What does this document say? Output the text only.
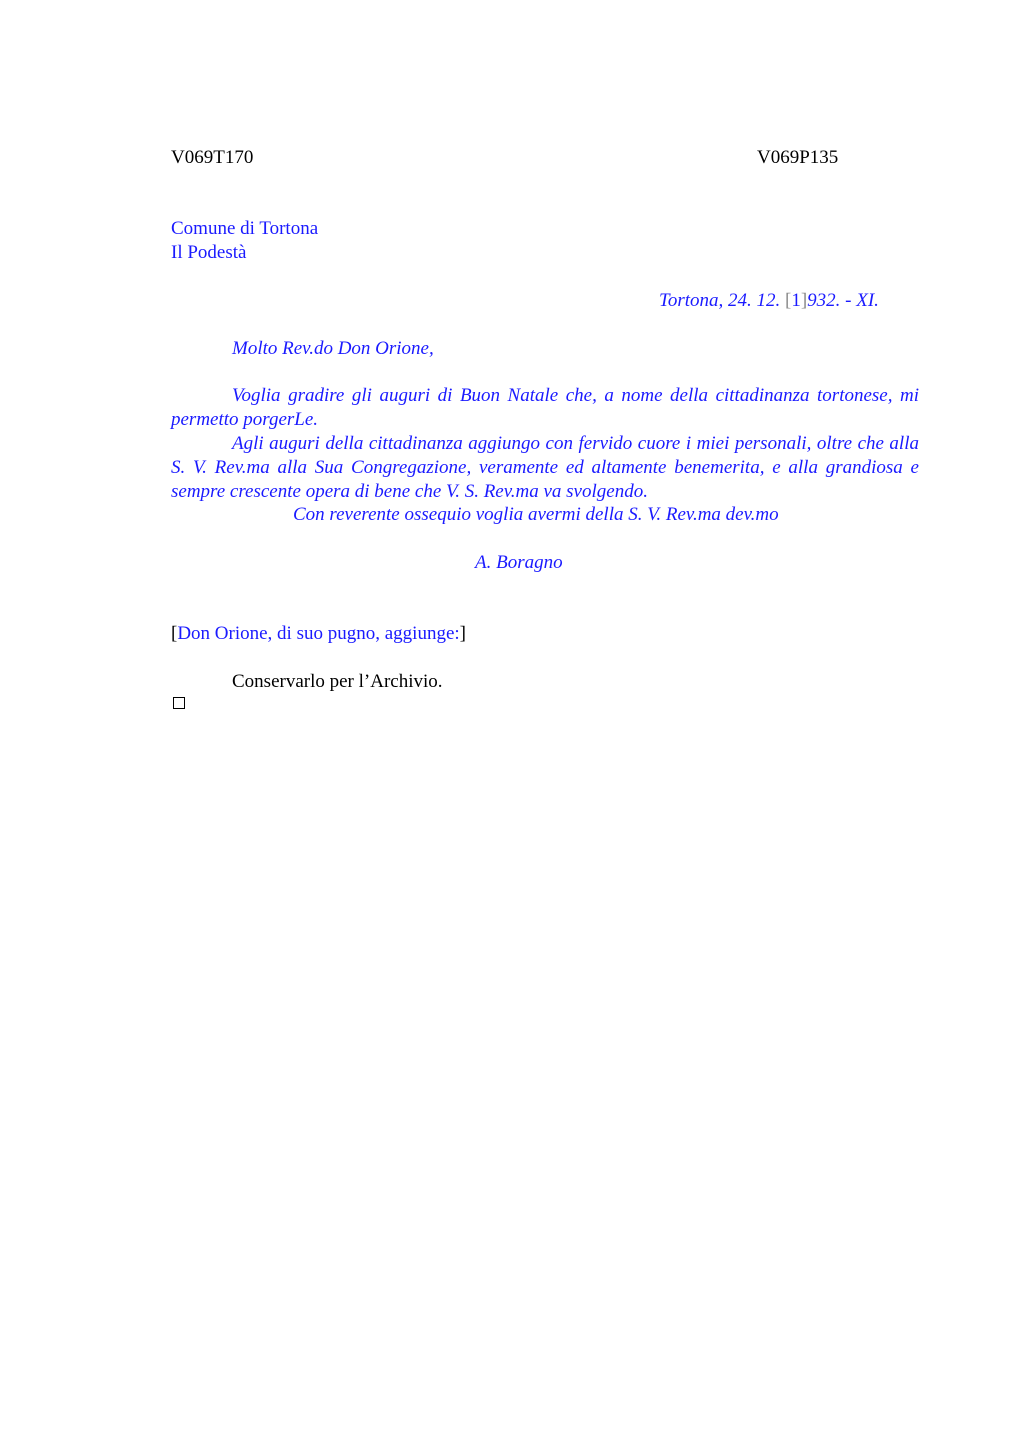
V069T170	V069P135
Comune di Tortona
Il Podestà
Tortona, 24. 12. [1]932. - XI.
Molto Rev.do Don Orione,

Voglia gradire gli auguri di Buon Natale che, a nome della cittadinanza tortonese, mi permetto porgerLe.

Agli auguri della cittadinanza aggiungo con fervido cuore i miei personali, oltre che alla S. V. Rev.ma alla Sua Congregazione, veramente ed altamente benemerita, e alla grandiosa e sempre crescente opera di bene che V. S. Rev.ma va svolgendo.

Con reverente ossequio voglia avermi della S. V. Rev.ma dev.mo
A. Boragno
[Don Orione, di suo pugno, aggiunge:]
Conservarlo per l’Archivio.
